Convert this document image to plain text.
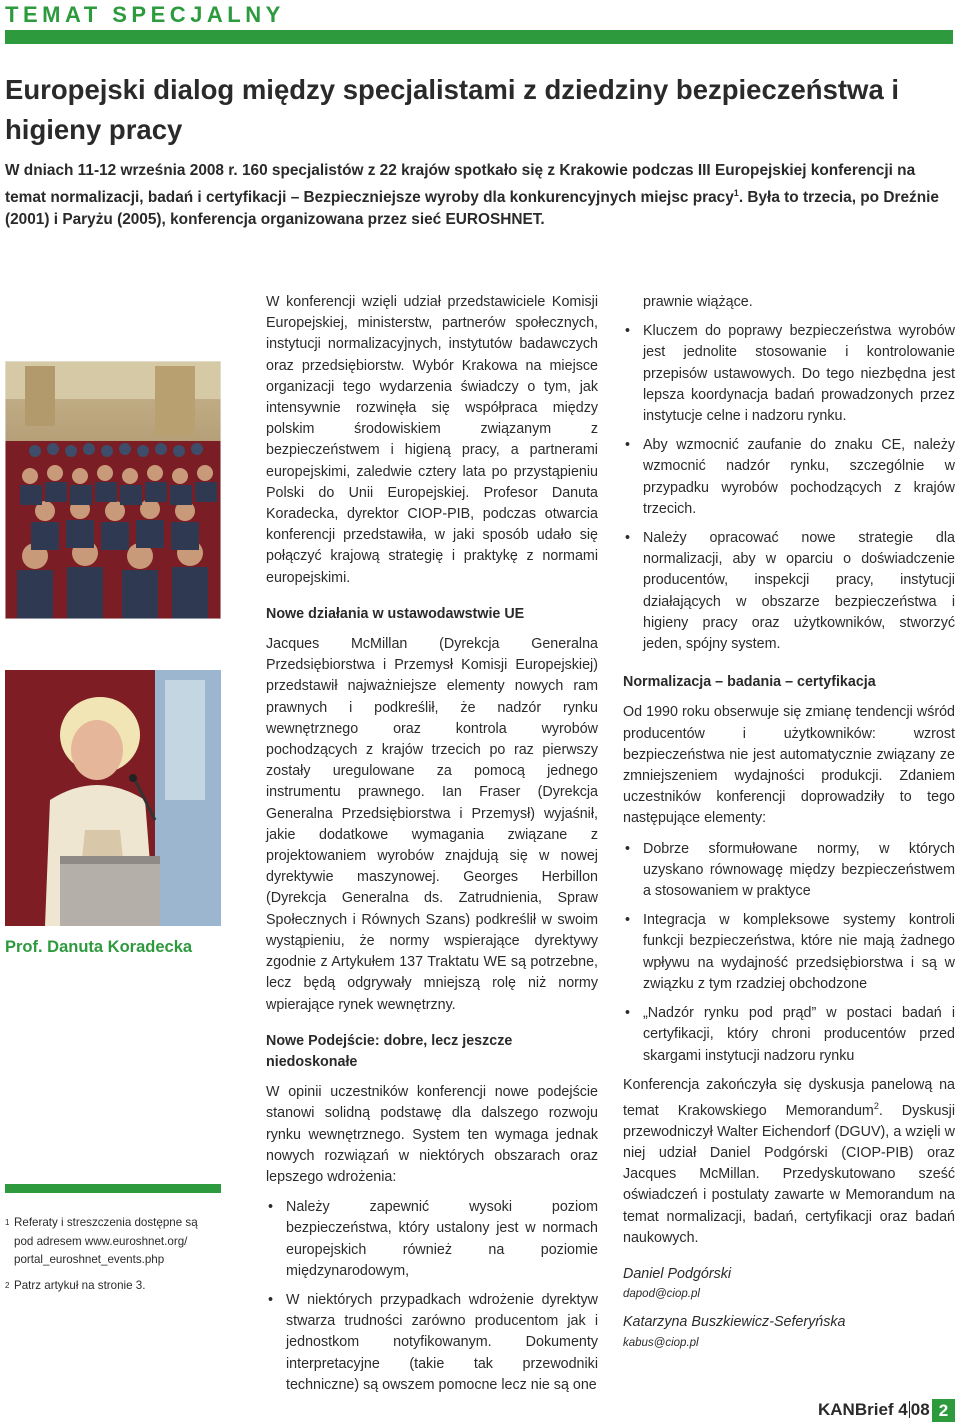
TEMAT SPECJALNY
Europejski dialog między specjalistami z dziedziny bezpieczeństwa i higieny pracy
W dniach 11-12 września 2008 r. 160 specjalistów z 22 krajów spotkało się z Krakowie podczas III Europejskiej konferencji na temat normalizacji, badań i certyfikacji – Bezpieczniejsze wyroby dla konkurencyjnych miejsc pracy$^1$. Była to trzecia, po Dreźnie (2001) i Paryżu (2005), konferencja organizowana przez sieć EUROSHNET.
Prof. Danuta Koradecka
1 Referaty i streszczenia dostępne są pod adresem www.euroshnet.org/ portal_euroshnet_events.php
2 Patrz artykuł na stronie 3.

W konferencji wzięli udział przedstawiciele Komisji Europejskiej, ministerstw, partnerów społecznych, instytucji normalizacyjnych, instytutów badawczych oraz przedsiębiorstw. Wybór Krakowa na miejsce organizacji tego wydarzenia świadczy o tym, jak intensywnie rozwinęła się współpraca między polskim środowiskiem związanym z bezpieczeństwem i higieną pracy, a partnerami europejskimi, zaledwie cztery lata po przystąpieniu Polski do Unii Europejskiej. Profesor Danuta Koradecka, dyrektor CIOP-PIB, podczas otwarcia konferencji przedstawiła, w jaki sposób udało się połączyć krajową strategię i praktykę z normami europejskimi.

Nowe działania w ustawodawstwie UE

Jacques McMillan (Dyrekcja Generalna Przedsiębiorstwa i Przemysł Komisji Europejskiej) przedstawił najważniejsze elementy nowych ram prawnych i podkreślił, że nadzór rynku wewnętrznego oraz kontrola wyrobów pochodzących z krajów trzecich po raz pierwszy zostały uregulowane za pomocą jednego instrumentu prawnego. Ian Fraser (Dyrekcja Generalna Przedsiębiorstwa i Przemysł) wyjaśnił, jakie dodatkowe wymagania związane z projektowaniem wyrobów znajdują się w nowej dyrektywie maszynowej. Georges Herbillon (Dyrekcja Generalna ds. Zatrudnienia, Spraw Społecznych i Równych Szans) podkreślił w swoim wystąpieniu, że normy wspierające dyrektywy zgodnie z Artykułem 137 Traktatu WE są potrzebne, lecz będą odgrywały mniejszą rolę niż normy wpierające rynek wewnętrzny.

Nowe Podejście: dobre, lecz jeszcze niedoskonałe

W opinii uczestników konferencji nowe podejście stanowi solidną podstawę dla dalszego rozwoju rynku wewnętrznego. System ten wymaga jednak nowych rozwiązań w niektórych obszarach oraz lepszego wdrożenia:

• Należy zapewnić wysoki poziom bezpieczeństwa, który ustalony jest w normach europejskich również na poziomie międzynarodowym,
• W niektórych przypadkach wdrożenie dyrektyw stwarza trudności zarówno producentom jak i jednostkom notyfikowanym. Dokumenty interpretacyjne (takie tak przewodniki techniczne) są owszem pomocne lecz nie są one

prawnie wiążące.

• Kluczem do poprawy bezpieczeństwa wyrobów jest jednolite stosowanie i kontrolowanie przepisów ustawowych. Do tego niezbędna jest lepsza koordynacja badań prowadzonych przez instytucje celne i nadzoru rynku.
• Aby wzmocnić zaufanie do znaku CE, należy wzmocnić nadzór rynku, szczególnie w przypadku wyrobów pochodzących z krajów trzecich.
• Należy opracować nowe strategie dla normalizacji, aby w oparciu o doświadczenie producentów, inspekcji pracy, instytucji działających w obszarze bezpieczeństwa i higieny pracy oraz użytkowników, stworzyć jeden, spójny system.

Normalizacja – badania – certyfikacja

Od 1990 roku obserwuje się zmianę tendencji wśród producentów i użytkowników: wzrost bezpieczeństwa nie jest automatycznie związany ze zmniejszeniem wydajności produkcji. Zdaniem uczestników konferencji doprowadziły to tego następujące elementy:

• Dobrze sformułowane normy, w których uzyskano równowagę między bezpieczeństwem a stosowaniem w praktyce
• Integracja w kompleksowe systemy kontroli funkcji bezpieczeństwa, które nie mają żadnego wpływu na wydajność przedsiębiorstwa i są w związku z tym rzadziej obchodzone
• „Nadzór rynku pod prąd” w postaci badań i certyfikacji, który chroni producentów przed skargami instytucji nadzoru rynku

Konferencja zakończyła się dyskusja panelową na temat Krakowskiego Memorandum$^2$. Dyskusji przewodniczył Walter Eichendorf (DGUV), a wzięli w niej udział Daniel Podgórski (CIOP-PIB) oraz Jacques McMillan. Przedyskutowano sześć oświadczeń i postulaty zawarte w Memorandum na temat normalizacji, badań, certyfikacji oraz badań naukowych.

Daniel Podgórski

dapod@ciop.pl

Katarzyna Buszkiewicz-Seferyńska

kabus@ciop.pl

KANBrief 4 08 2
